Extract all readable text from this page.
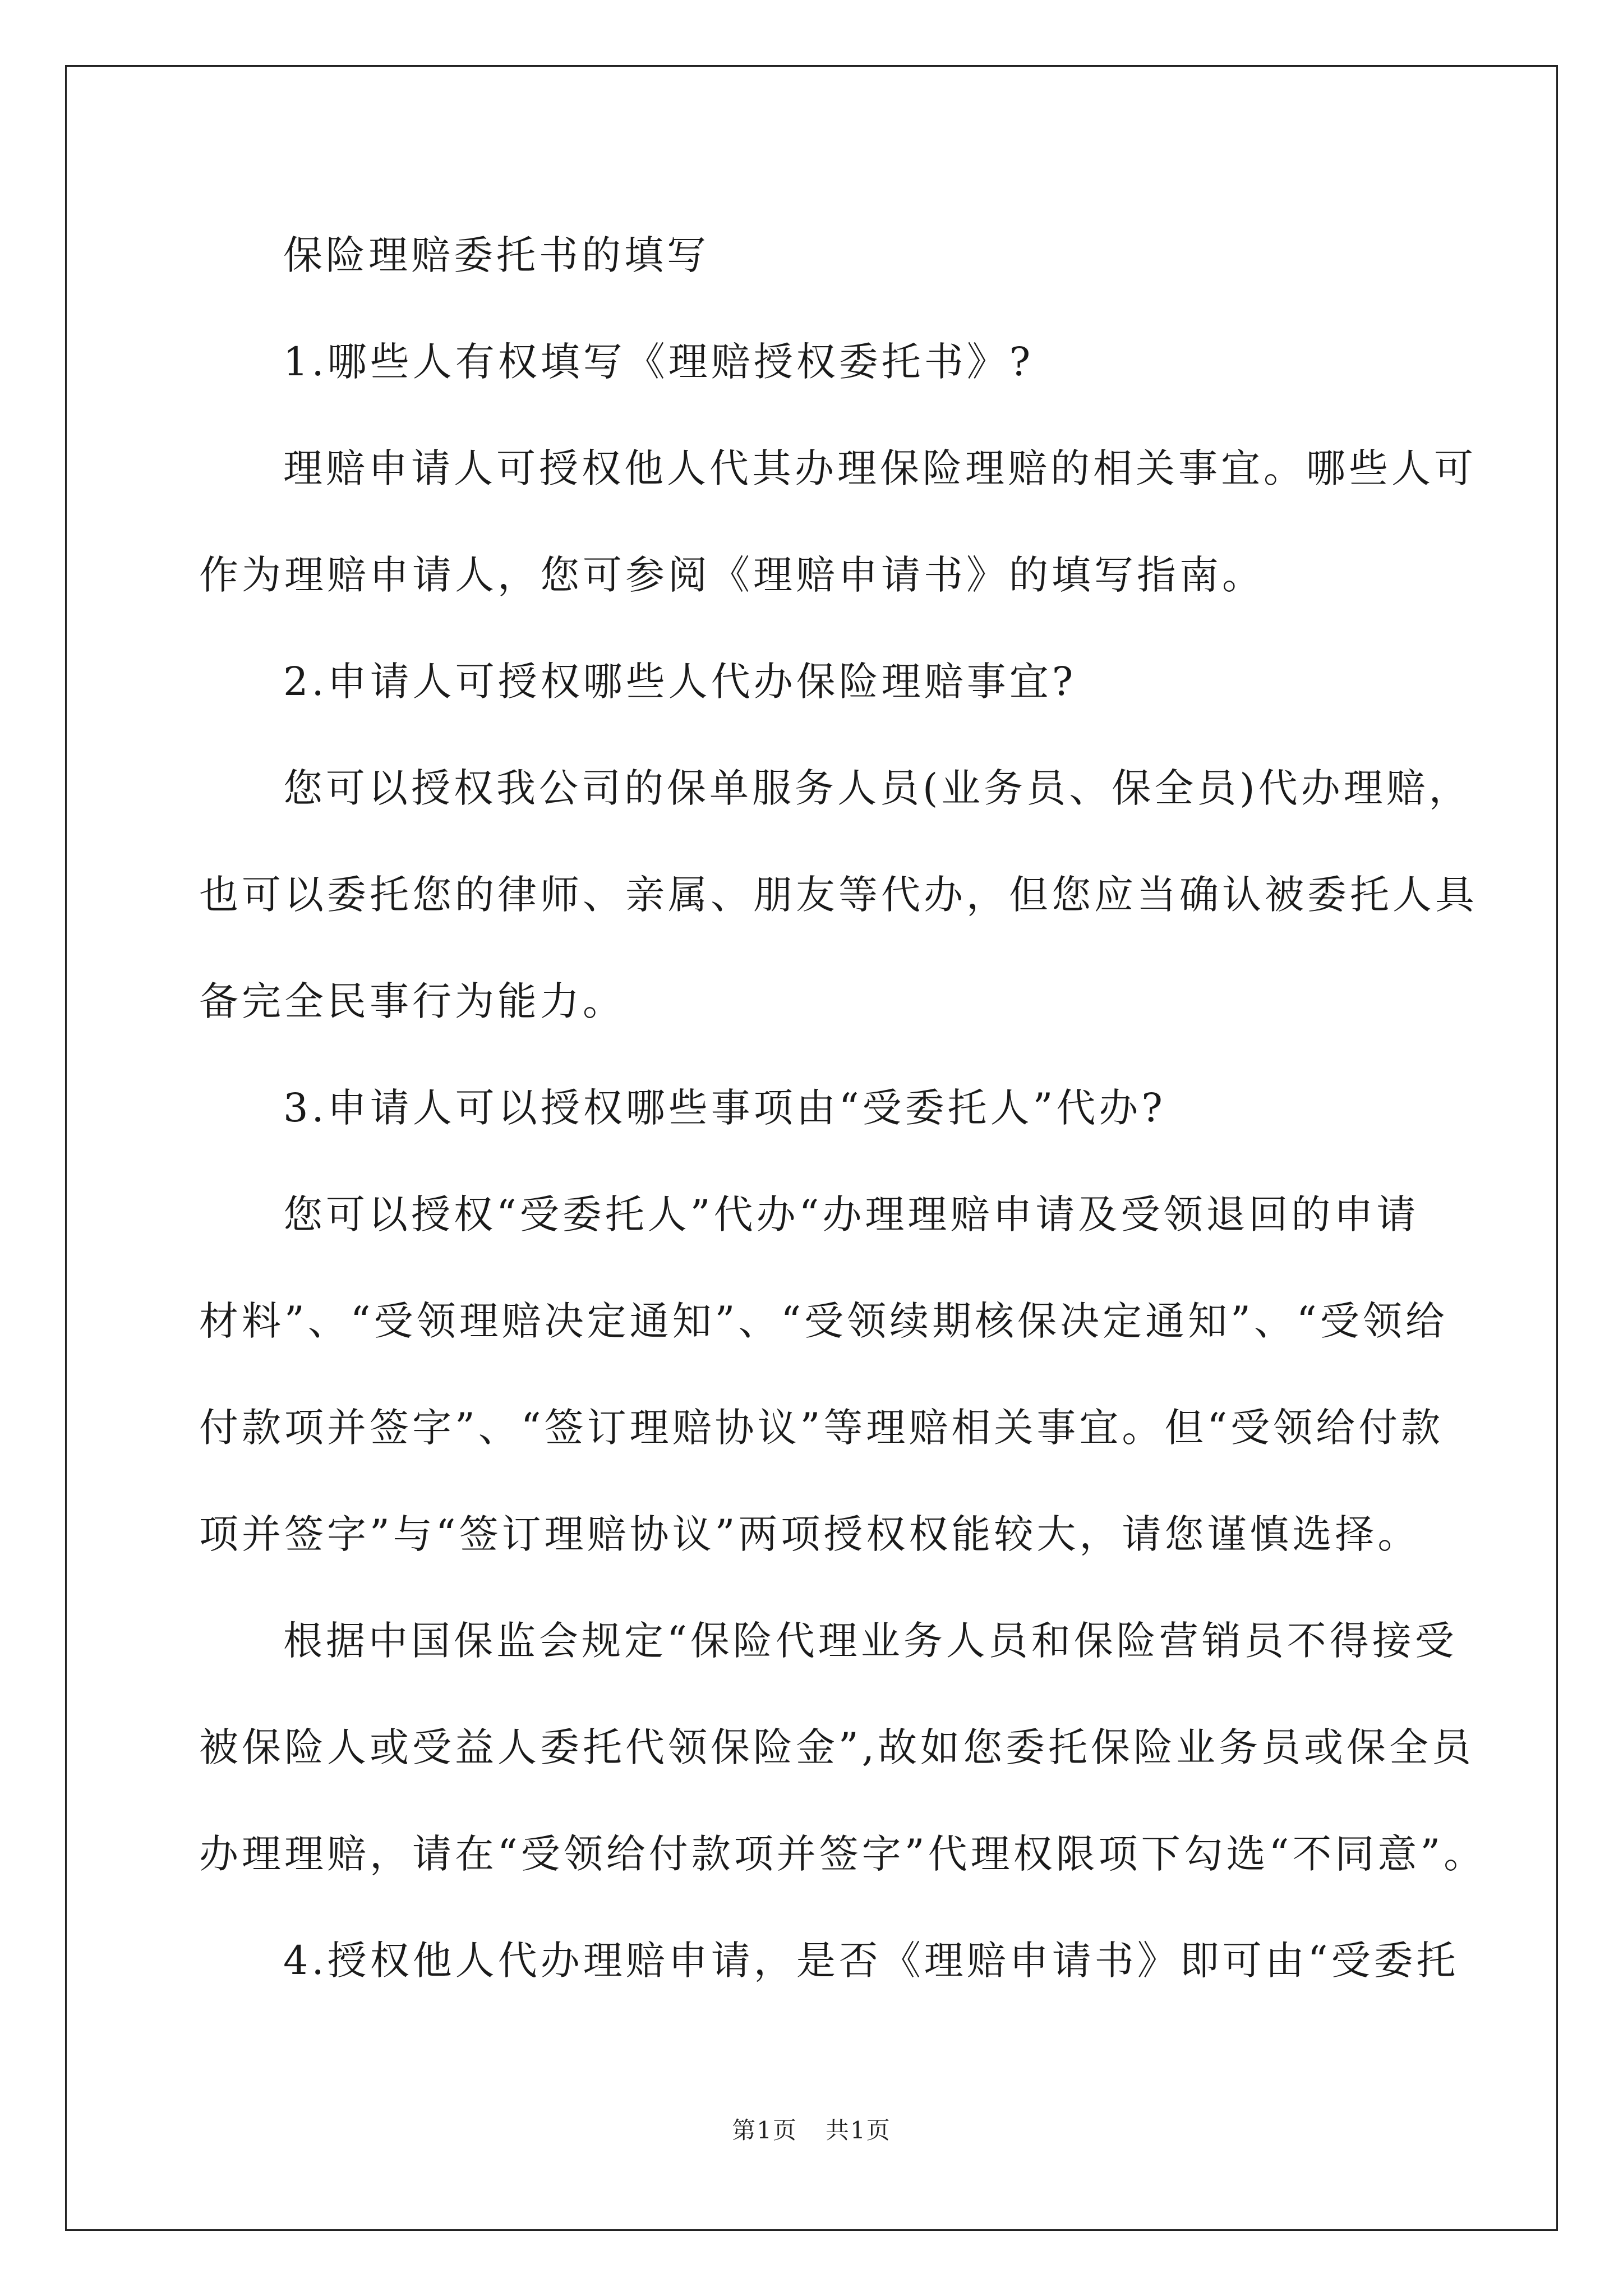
保险理赔委托书的填写

1.哪些人有权填写《理赔授权委托书》?

理赔申请人可授权他人代其办理保险理赔的相关事宜。哪些人可
作为理赔申请人，您可参阅《理赔申请书》的填写指南。

2.申请人可授权哪些人代办保险理赔事宜?

您可以授权我公司的保单服务人员(业务员、保全员)代办理赔，
也可以委托您的律师、亲属、朋友等代办，但您应当确认被委托人具
备完全民事行为能力。

3.申请人可以授权哪些事项由“受委托人”代办?

您可以授权“受委托人”代办“办理理赔申请及受领退回的申请
材料”、“受领理赔决定通知”、“受领续期核保决定通知”、“受领给
付款项并签字”、“签订理赔协议”等理赔相关事宜。但“受领给付款
项并签字”与“签订理赔协议”两项授权权能较大，请您谨慎选择。

根据中国保监会规定“保险代理业务人员和保险营销员不得接受
被保险人或受益人委托代领保险金”,故如您委托保险业务员或保全员
办理理赔，请在“受领给付款项并签字”代理权限项下勾选“不同意”。

4.授权他人代办理赔申请，是否《理赔申请书》即可由“受委托

第1页 共1页
